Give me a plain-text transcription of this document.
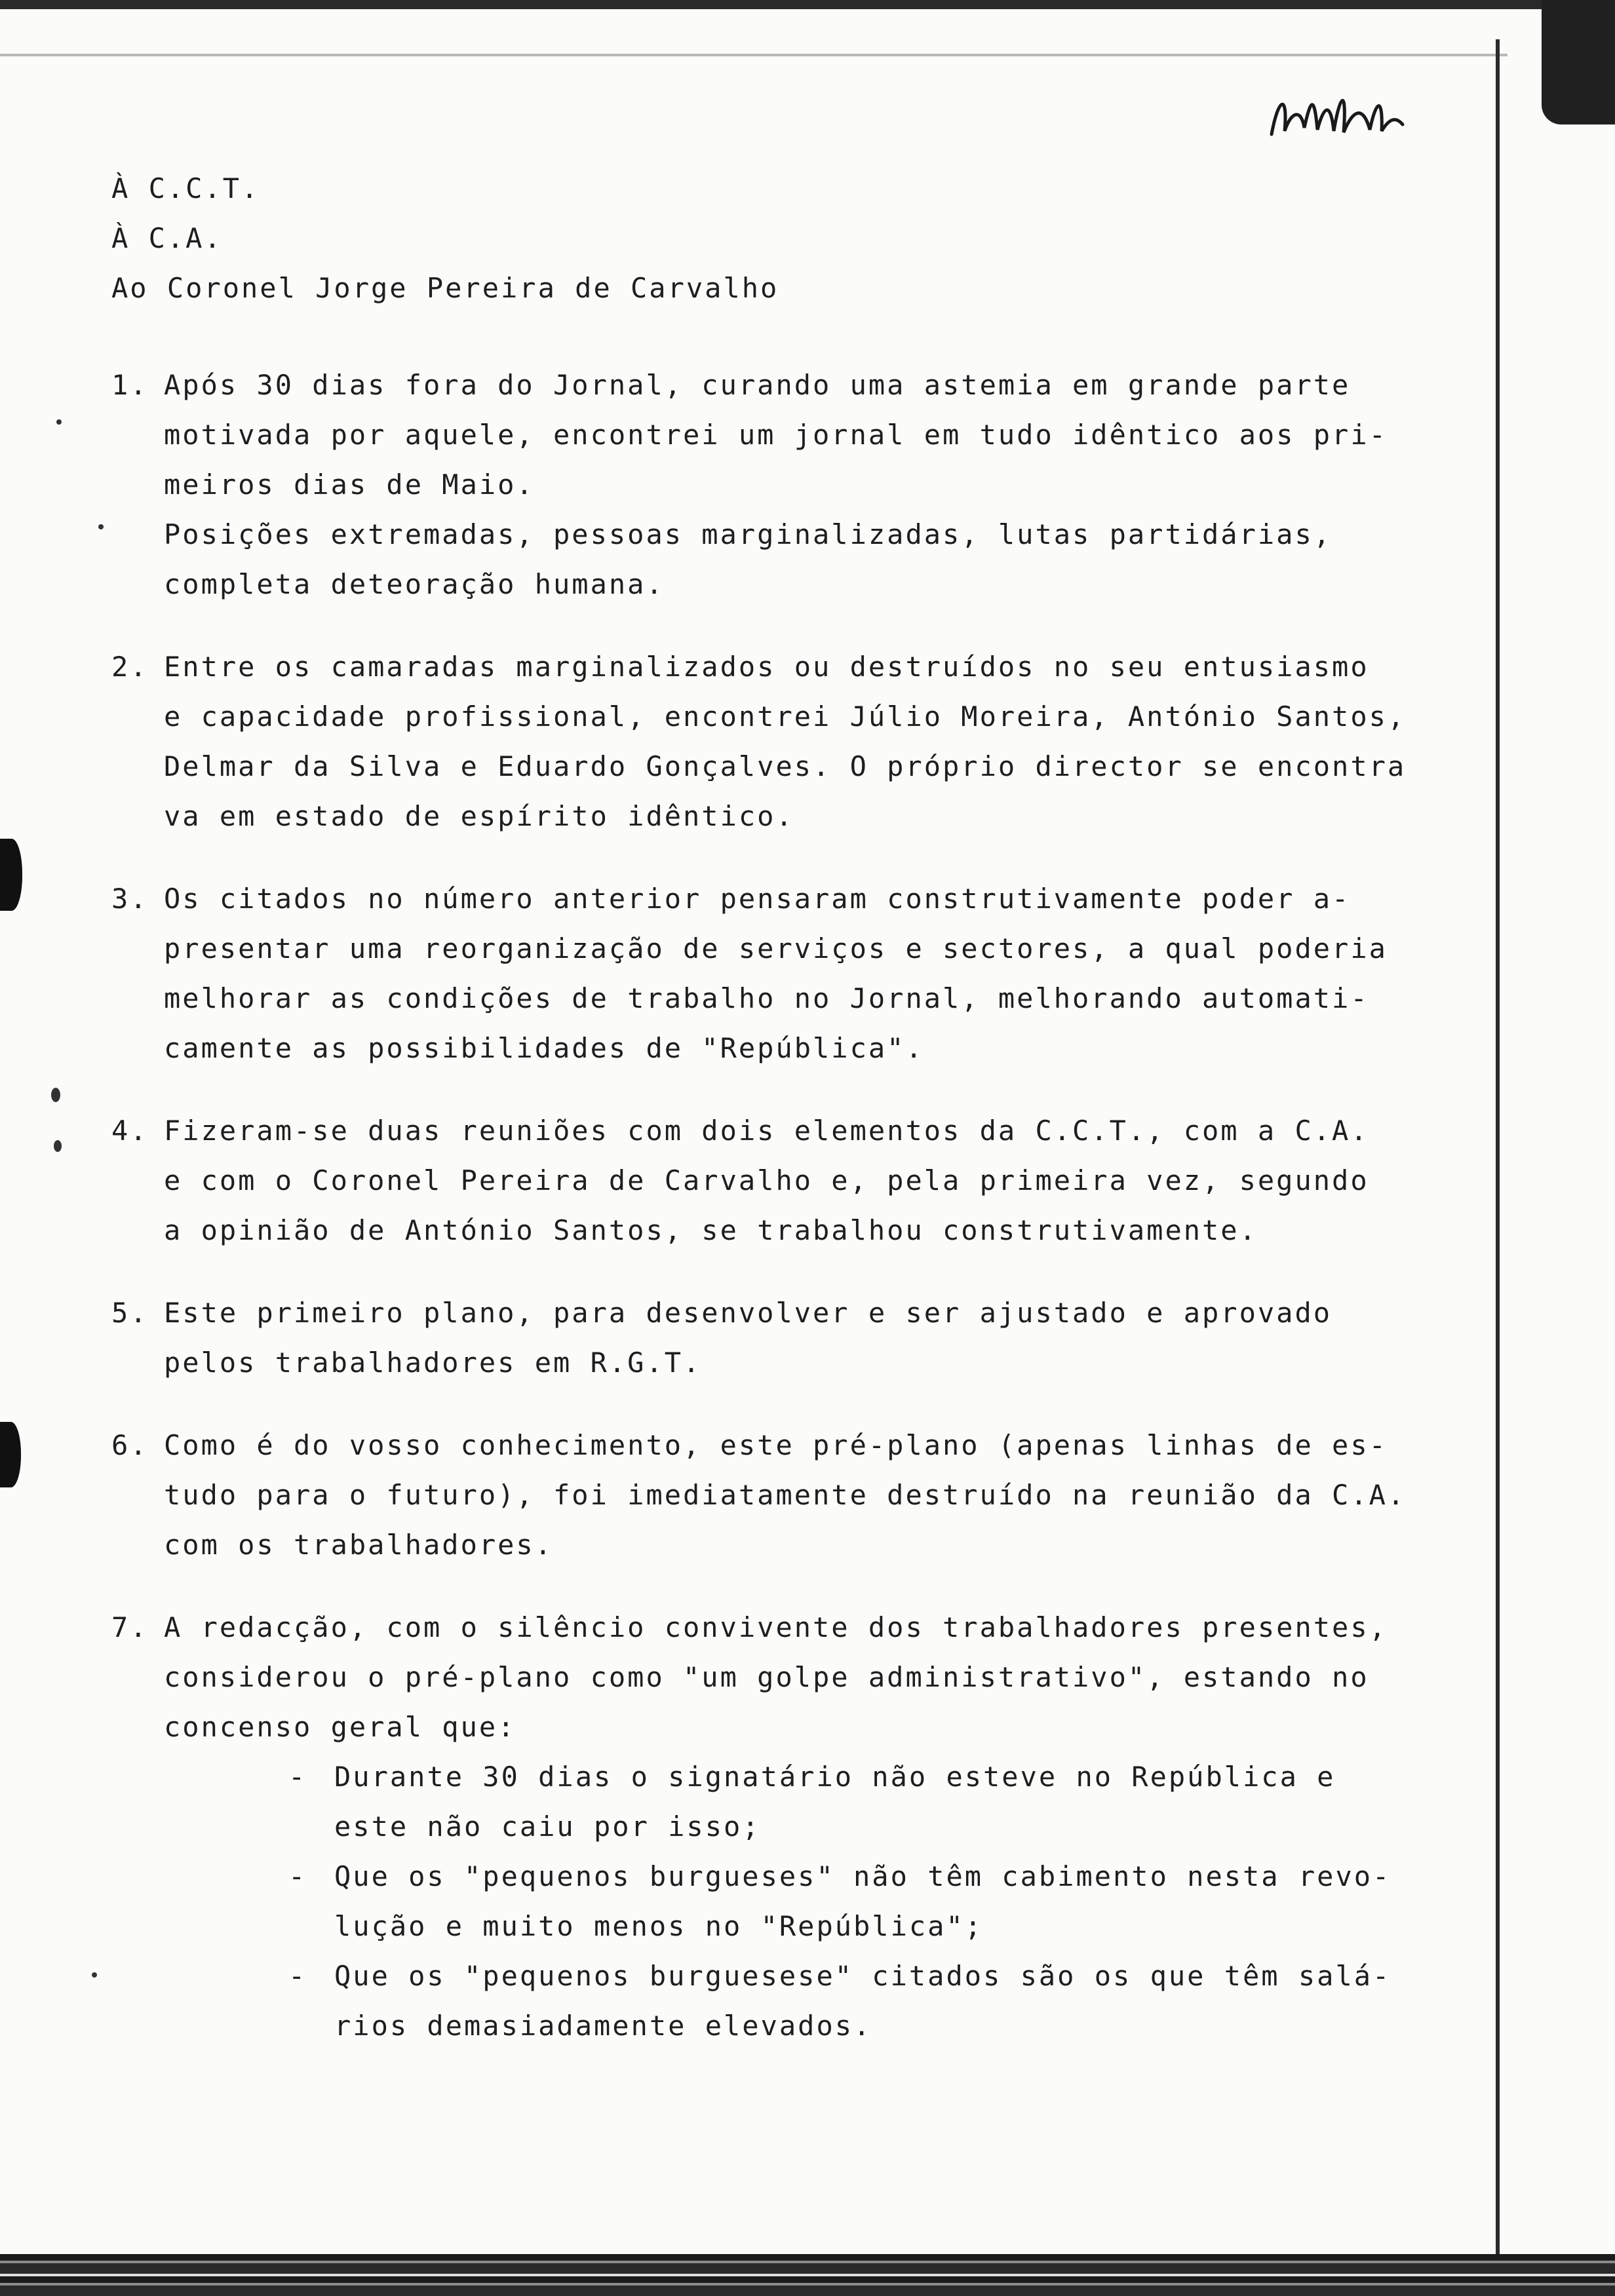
À C.C.T.

À C.A.

Ao Coronel Jorge Pereira de Carvalho

1. Após 30 dias fora do Jornal, curando uma astemia em grande parte

motivada por aquele, encontrei um jornal em tudo idêntico aos pri-

meiros dias de Maio.

Posições extremadas, pessoas marginalizadas, lutas partidárias,

completa deteoração humana.

2. Entre os camaradas marginalizados ou destruídos no seu entusiasmo

e capacidade profissional, encontrei Júlio Moreira, António Santos,

Delmar da Silva e Eduardo Gonçalves. O próprio director se encontra

va em estado de espírito idêntico.

3. Os citados no número anterior pensaram construtivamente poder a-

presentar uma reorganização de serviços e sectores, a qual poderia

melhorar as condições de trabalho no Jornal, melhorando automati-

camente as possibilidades de "República".

4. Fizeram-se duas reuniões com dois elementos da C.C.T., com a C.A.

e com o Coronel Pereira de Carvalho e, pela primeira vez, segundo

a opinião de António Santos, se trabalhou construtivamente.

5. Este primeiro plano, para desenvolver e ser ajustado e aprovado

pelos trabalhadores em R.G.T.

6. Como é do vosso conhecimento, este pré-plano (apenas linhas de es-

tudo para o futuro), foi imediatamente destruído na reunião da C.A.

com os trabalhadores.

7. A redacção, com o silêncio convivente dos trabalhadores presentes,

considerou o pré-plano como "um golpe administrativo", estando no

concenso geral que:

- Durante 30 dias o signatário não esteve no República e

este não caiu por isso;

- Que os "pequenos burgueses" não têm cabimento nesta revo-

lução e muito menos no "República";

- Que os "pequenos burguesese" citados são os que têm salá-

rios demasiadamente elevados.
